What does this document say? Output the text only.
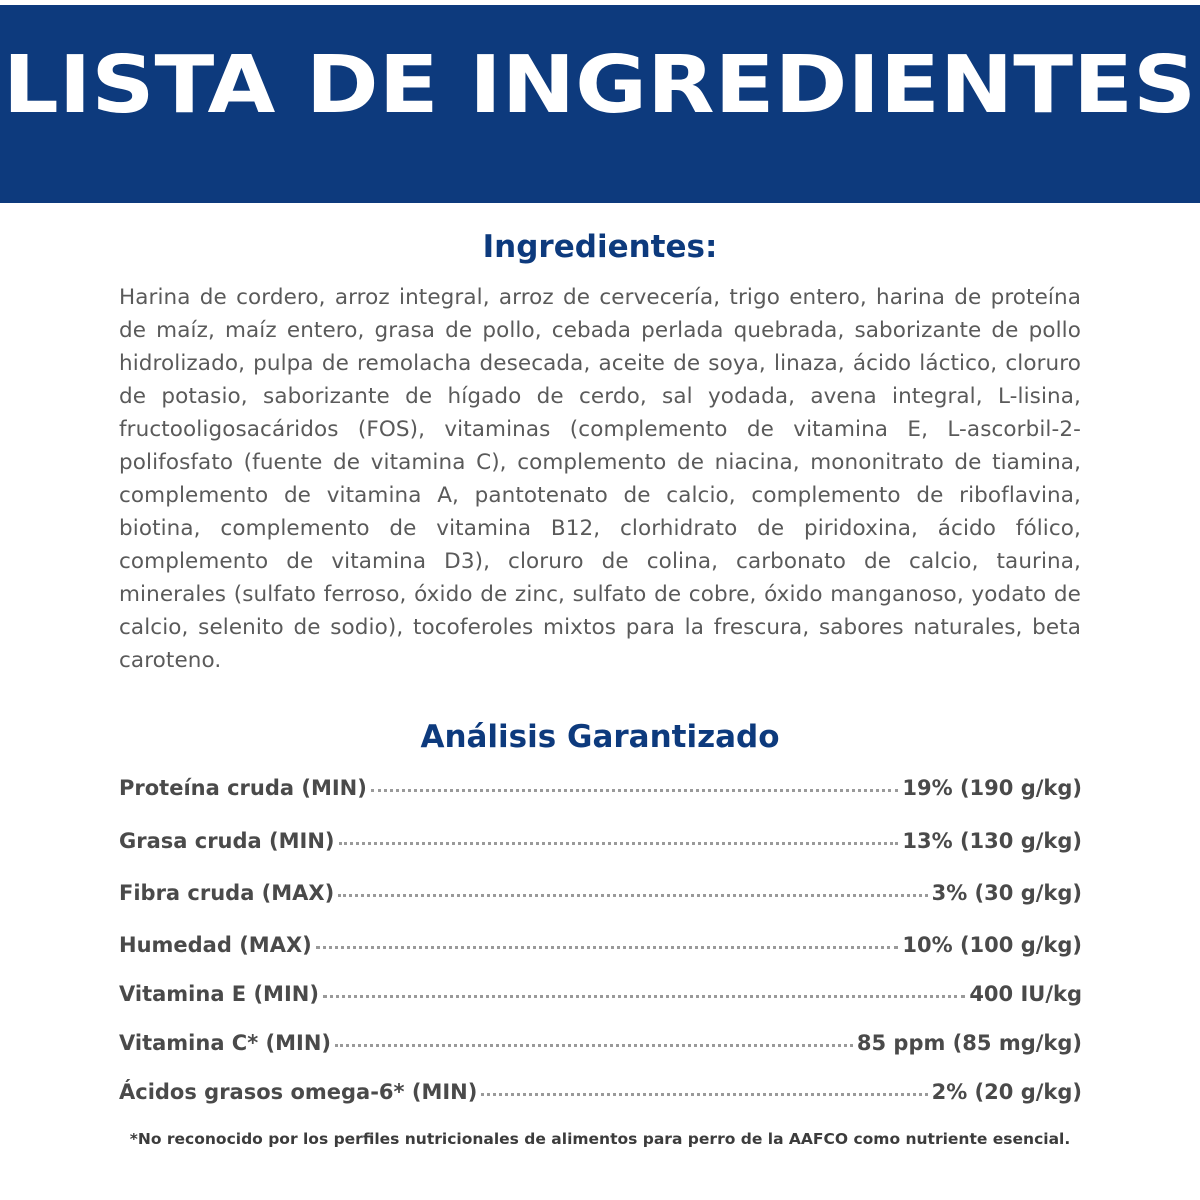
LISTA DE INGREDIENTES
Ingredientes:

Harina de cordero, arroz integral, arroz de cervecería, trigo entero, harina de proteína de maíz, maíz entero, grasa de pollo, cebada perlada quebrada, saborizante de pollo hidrolizado, pulpa de remolacha desecada, aceite de soya, linaza, ácido láctico, cloruro de potasio, saborizante de hígado de cerdo, sal yodada, avena integral, L-lisina, fructooligosacáridos (FOS), vitaminas (complemento de vitamina E, L-ascorbil-2-polifosfato (fuente de vitamina C), complemento de niacina, mononitrato de tiamina, complemento de vitamina A, pantotenato de calcio, complemento de riboflavina, biotina, complemento de vitamina B12, clorhidrato de piridoxina, ácido fólico, complemento de vitamina D3), cloruro de colina, carbonato de calcio, taurina, minerales (sulfato ferroso, óxido de zinc, sulfato de cobre, óxido manganoso, yodato de calcio, selenito de sodio), tocoferoles mixtos para la frescura, sabores naturales, beta caroteno.

Análisis Garantizado
Proteína cruda (MIN)	19% (190 g/kg)
Grasa cruda (MIN)	13% (130 g/kg)
Fibra cruda (MAX)	3% (30 g/kg)
Humedad (MAX)	10% (100 g/kg)
Vitamina E (MIN)	400 IU/kg
Vitamina C* (MIN)	85 ppm (85 mg/kg)
Ácidos grasos omega-6* (MIN)	2% (20 g/kg)

*No reconocido por los perfiles nutricionales de alimentos para perro de la AAFCO como nutriente esencial.
